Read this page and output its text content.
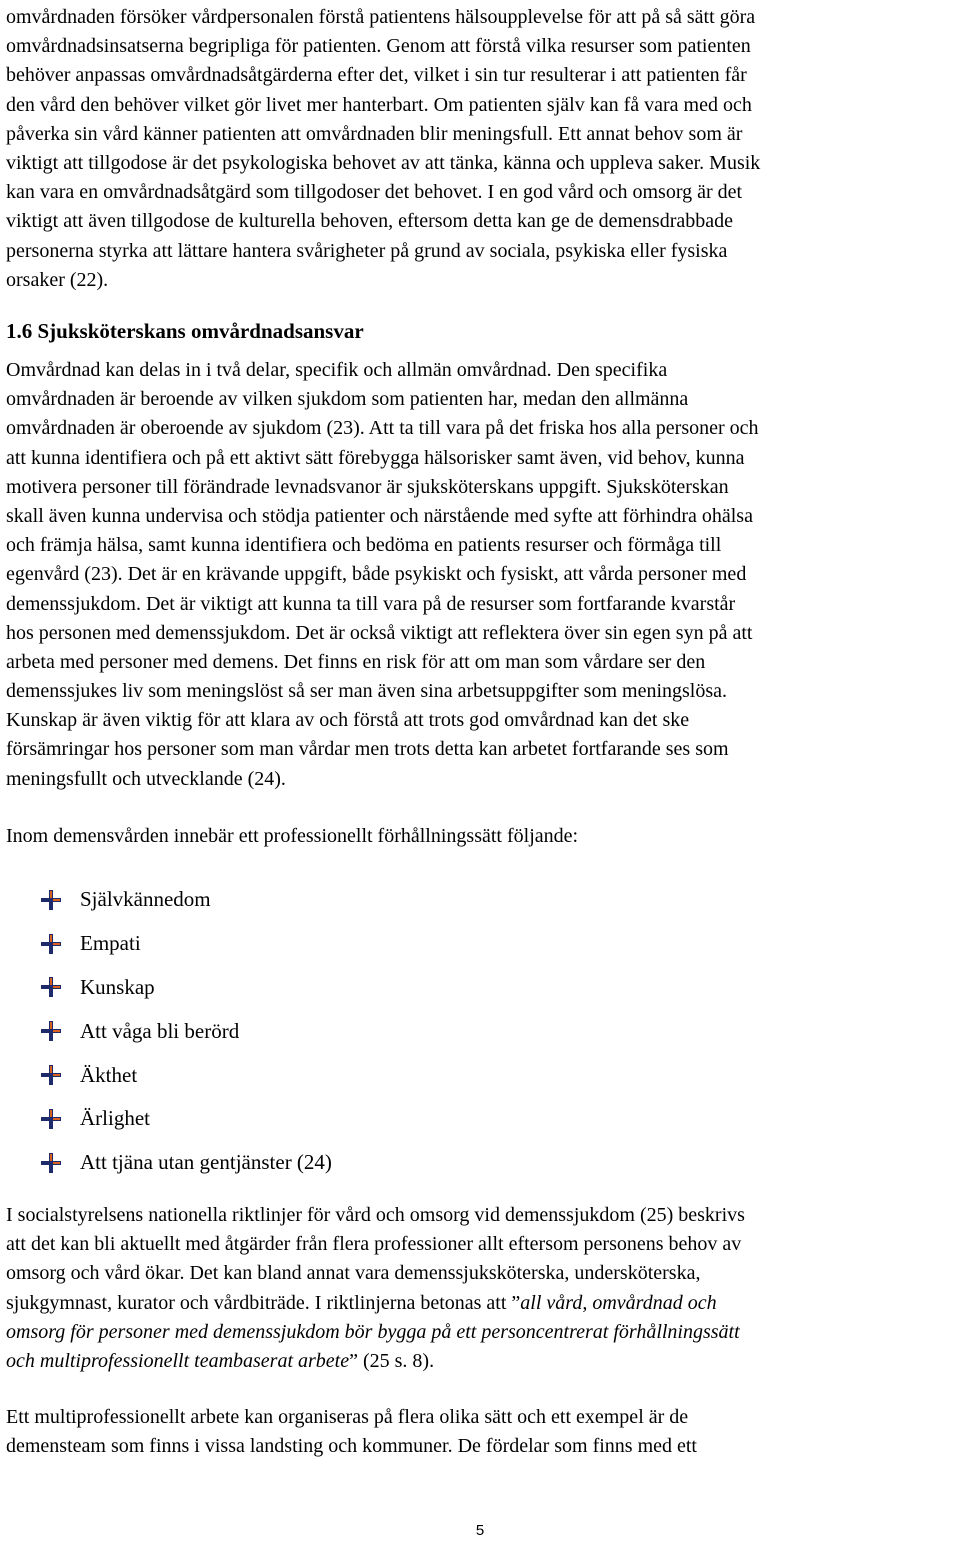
omvårdnaden försöker vårdpersonalen förstå patientens hälsoupplevelse för att på så sätt göra
omvårdnadsinsatserna begripliga för patienten. Genom att förstå vilka resurser som patienten
behöver anpassas omvårdnadsåtgärderna efter det, vilket i sin tur resulterar i att patienten får
den vård den behöver vilket gör livet mer hanterbart. Om patienten själv kan få vara med och
påverka sin vård känner patienten att omvårdnaden blir meningsfull. Ett annat behov som är
viktigt att tillgodose är det psykologiska behovet av att tänka, känna och uppleva saker. Musik
kan vara en omvårdnadsåtgärd som tillgodoser det behovet. I en god vård och omsorg är det
viktigt att även tillgodose de kulturella behoven, eftersom detta kan ge de demensdrabbade
personerna styrka att lättare hantera svårigheter på grund av sociala, psykiska eller fysiska
orsaker (22).
1.6 Sjuksköterskans omvårdnadsansvar
Omvårdnad kan delas in i två delar, specifik och allmän omvårdnad. Den specifika
omvårdnaden är beroende av vilken sjukdom som patienten har, medan den allmänna
omvårdnaden är oberoende av sjukdom (23). Att ta till vara på det friska hos alla personer och
att kunna identifiera och på ett aktivt sätt förebygga hälsorisker samt även, vid behov, kunna
motivera personer till förändrade levnadsvanor är sjuksköterskans uppgift. Sjuksköterskan
skall även kunna undervisa och stödja patienter och närstående med syfte att förhindra ohälsa
och främja hälsa, samt kunna identifiera och bedöma en patients resurser och förmåga till
egenvård (23). Det är en krävande uppgift, både psykiskt och fysiskt, att vårda personer med
demenssjukdom. Det är viktigt att kunna ta till vara på de resurser som fortfarande kvarstår
hos personen med demenssjukdom. Det är också viktigt att reflektera över sin egen syn på att
arbeta med personer med demens. Det finns en risk för att om man som vårdare ser den
demenssjukes liv som meningslöst så ser man även sina arbetsuppgifter som meningslösa.
Kunskap är även viktig för att klara av och förstå att trots god omvårdnad kan det ske
försämringar hos personer som man vårdar men trots detta kan arbetet fortfarande ses som
meningsfullt och utvecklande (24).
Inom demensvården innebär ett professionellt förhållningssätt följande:
Självkännedom
Empati
Kunskap
Att våga bli berörd
Äkthet
Ärlighet
Att tjäna utan gentjänster (24)
I socialstyrelsens nationella riktlinjer för vård och omsorg vid demenssjukdom (25) beskrivs
att det kan bli aktuellt med åtgärder från flera professioner allt eftersom personens behov av
omsorg och vård ökar. Det kan bland annat vara demenssjuksköterska, undersköterska,
sjukgymnast, kurator och vårdbiträde. I riktlinjerna betonas att ”all vård, omvårdnad och
omsorg för personer med demenssjukdom bör bygga på ett personcentrerat förhållningssätt
och multiprofessionellt teambaserat arbete” (25 s. 8).
Ett multiprofessionellt arbete kan organiseras på flera olika sätt och ett exempel är de
demensteam som finns i vissa landsting och kommuner. De fördelar som finns med ett
5
